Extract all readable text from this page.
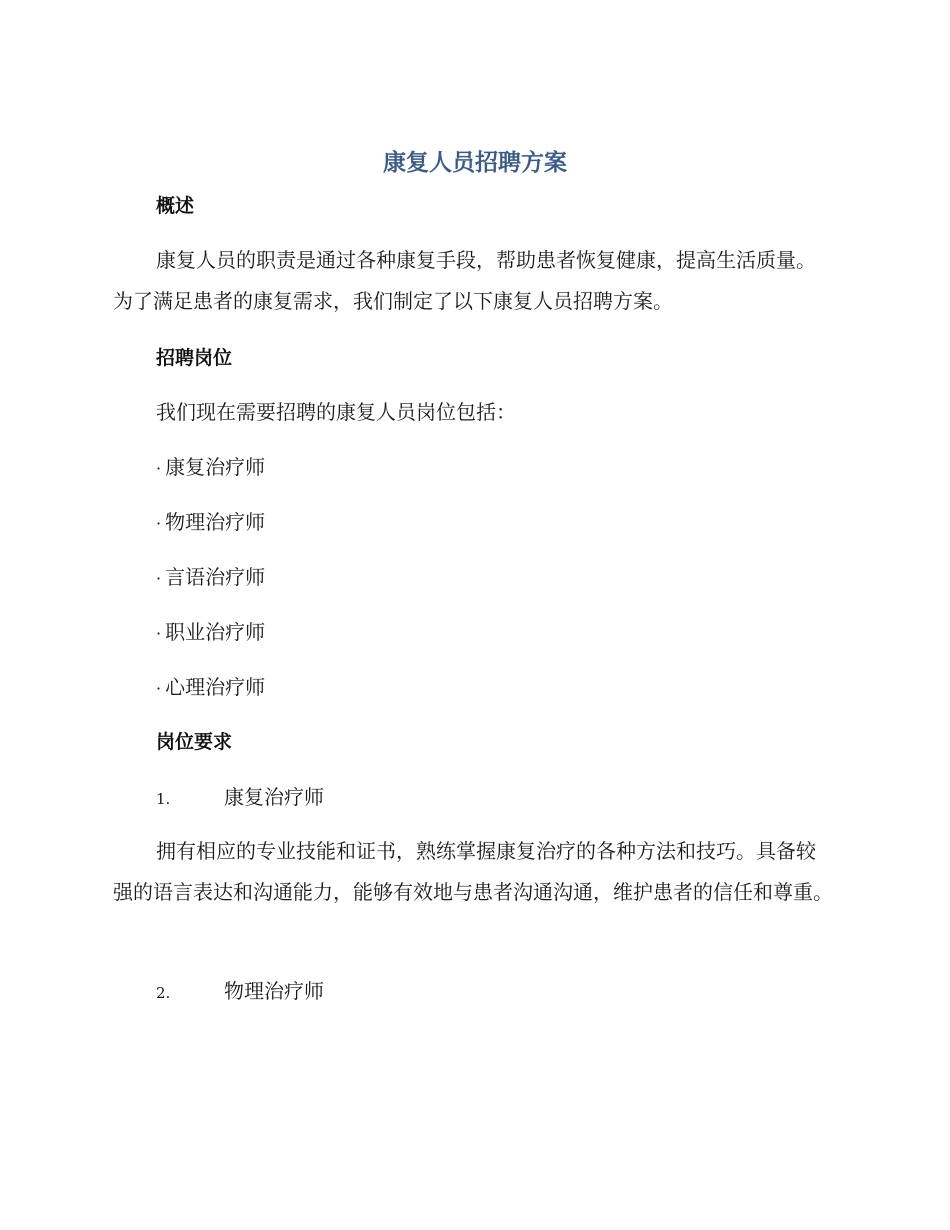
康复人员招聘方案
概述
康复人员的职责是通过各种康复手段，帮助患者恢复健康，提高生活质量。为了满足患者的康复需求，我们制定了以下康复人员招聘方案。
招聘岗位
我们现在需要招聘的康复人员岗位包括：
· 康复治疗师
· 物理治疗师
· 言语治疗师
· 职业治疗师
· 心理治疗师
岗位要求
1.	康复治疗师
拥有相应的专业技能和证书，熟练掌握康复治疗的各种方法和技巧。具备较强的语言表达和沟通能力，能够有效地与患者沟通沟通，维护患者的信任和尊重。
2.	物理治疗师
